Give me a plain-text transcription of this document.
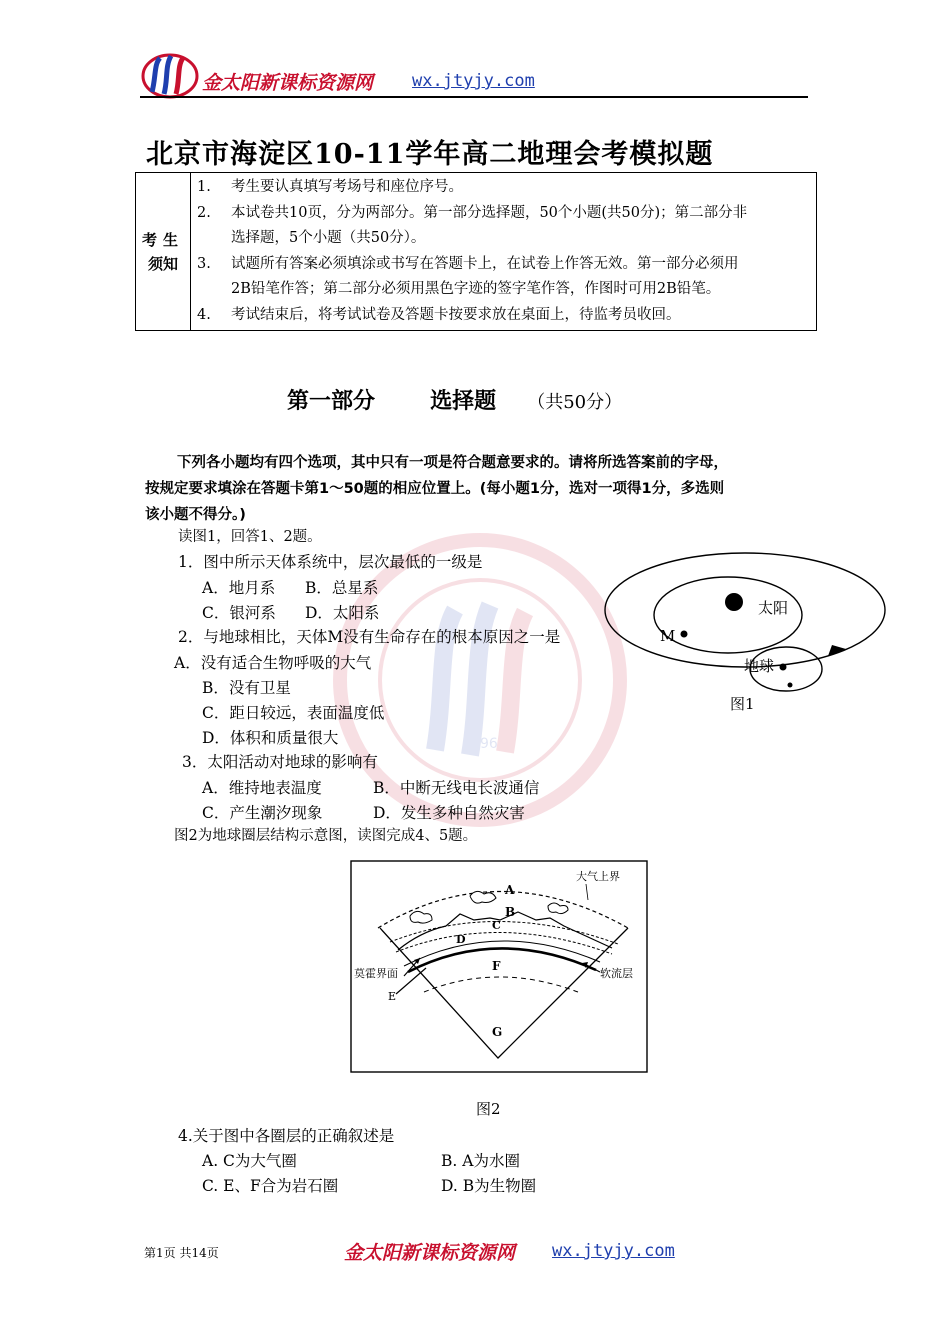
金太阳新课标资源网 wx.jtyjy.com
北京市海淀区10-11学年高二地理会考模拟题
考生
须知

1.	考生要认真填写考场号和座位序号。
2.	本试卷共10页，分为两部分。第一部分选择题，50个小题(共50分)；第二部分非
选择题，5个小题（共50分）。
3.	试题所有答案必须填涂或书写在答题卡上，在试卷上作答无效。第一部分必须用
2B铅笔作答；第二部分必须用黑色字迹的签字笔作答，作图时可用2B铅笔。
4.	考试结束后，将考试试卷及答题卡按要求放在桌面上，待监考员收回。
第一部分	选择题 （共50分）
1996
下列各小题均有四个选项，其中只有一项是符合题意要求的。请将所选答案前的字母，
按规定要求填涂在答题卡第1～50题的相应位置上。(每小题1分，选对一项得1分，多选则
该小题不得分。)
读图1，回答1、2题。
1．图中所示天体系统中，层次最低的一级是
A．地月系 B．总星系
C．银河系 D．太阳系
2．与地球相比，天体M没有生命存在的根本原因之一是
A．没有适合生物呼吸的大气
B．没有卫星
C．距日较远，表面温度低
D．体积和质量很大
3．太阳活动对地球的影响有
A．维持地表温度	B．中断无线电长波通信
C．产生潮汐现象	D．发生多种自然灾害
图2为地球圈层结构示意图，读图完成4、5题。
太阳
M
地球
图1
大气上界
A
B
C
D
F
G
莫霍界面
E
软流层
图2
4.关于图中各圈层的正确叙述是
A. C为大气圈	B. A为水圈
C. E、F合为岩石圈	D. B为生物圈
第1页 共14页	金太阳新课标资源网 wx.jtyjy.com
